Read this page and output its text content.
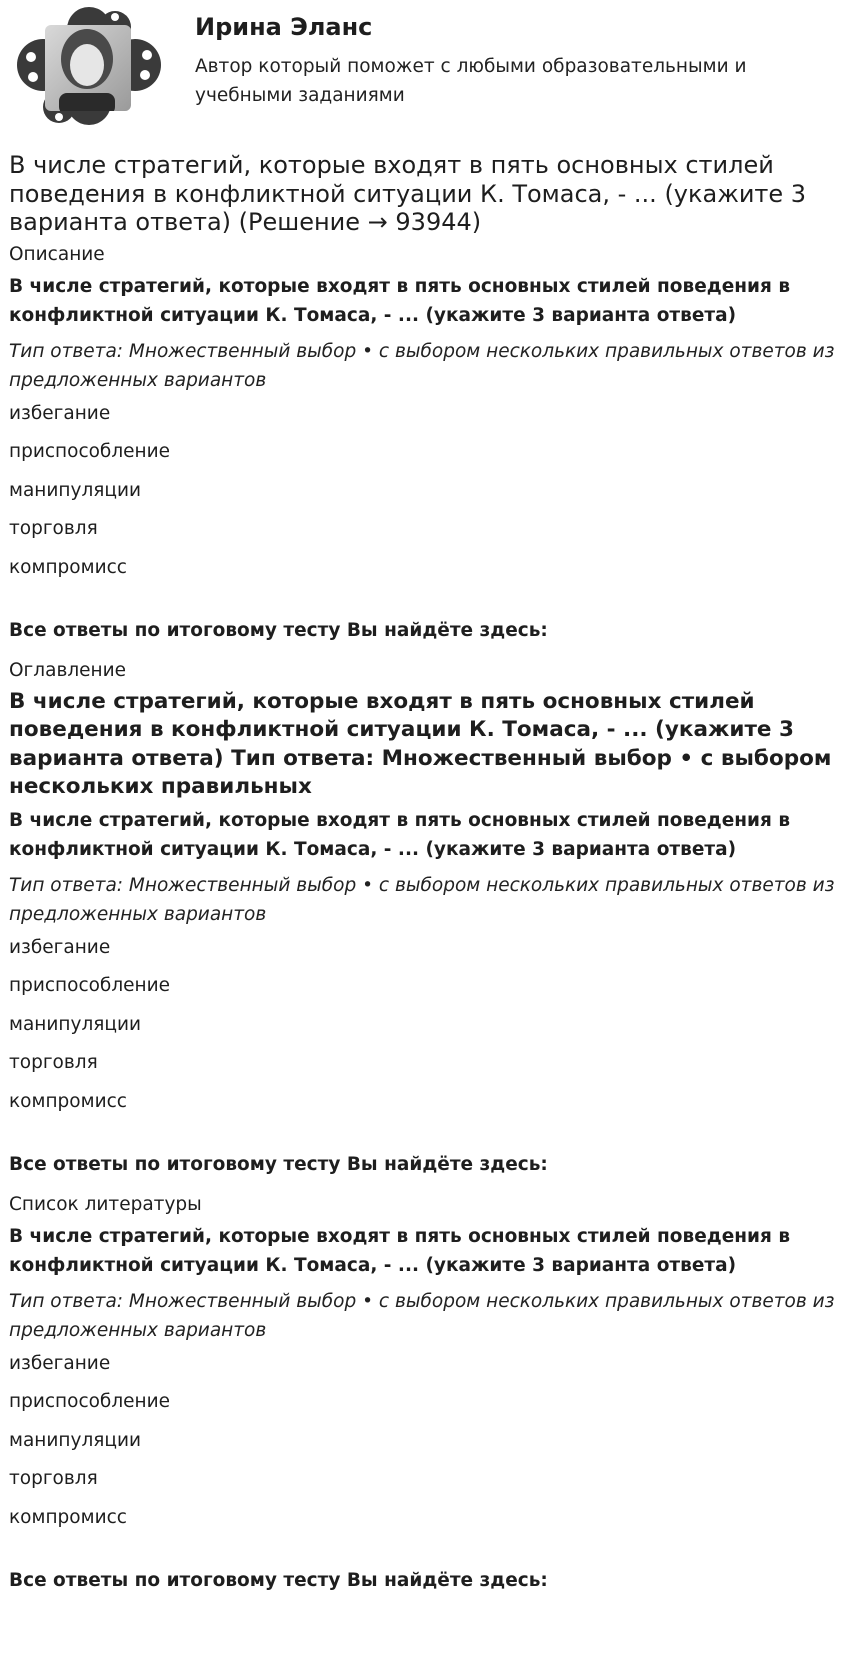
Ирина Эланс
Автор который поможет с любыми образовательными и учебными заданиями
В числе стратегий, которые входят в пять основных стилей поведения в конфликтной ситуации К. Томаса, - ... (укажите 3 варианта ответа) (Решение → 93944)
Описание
В числе стратегий, которые входят в пять основных стилей поведения в конфликтной ситуации К. Томаса, - ... (укажите 3 варианта ответа)
Тип ответа: Множественный выбор • с выбором нескольких правильных ответов из предложенных вариантов
избегание
приспособление
манипуляции
торговля
компромисс
Все ответы по итоговому тесту Вы найдёте здесь:
Оглавление
В числе стратегий, которые входят в пять основных стилей поведения в конфликтной ситуации К. Томаса, - ... (укажите 3 варианта ответа) Тип ответа: Множественный выбор • с выбором нескольких правильных
В числе стратегий, которые входят в пять основных стилей поведения в конфликтной ситуации К. Томаса, - ... (укажите 3 варианта ответа)
Тип ответа: Множественный выбор • с выбором нескольких правильных ответов из предложенных вариантов
избегание
приспособление
манипуляции
торговля
компромисс
Все ответы по итоговому тесту Вы найдёте здесь:
Список литературы
В числе стратегий, которые входят в пять основных стилей поведения в конфликтной ситуации К. Томаса, - ... (укажите 3 варианта ответа)
Тип ответа: Множественный выбор • с выбором нескольких правильных ответов из предложенных вариантов
избегание
приспособление
манипуляции
торговля
компромисс
Все ответы по итоговому тесту Вы найдёте здесь:
